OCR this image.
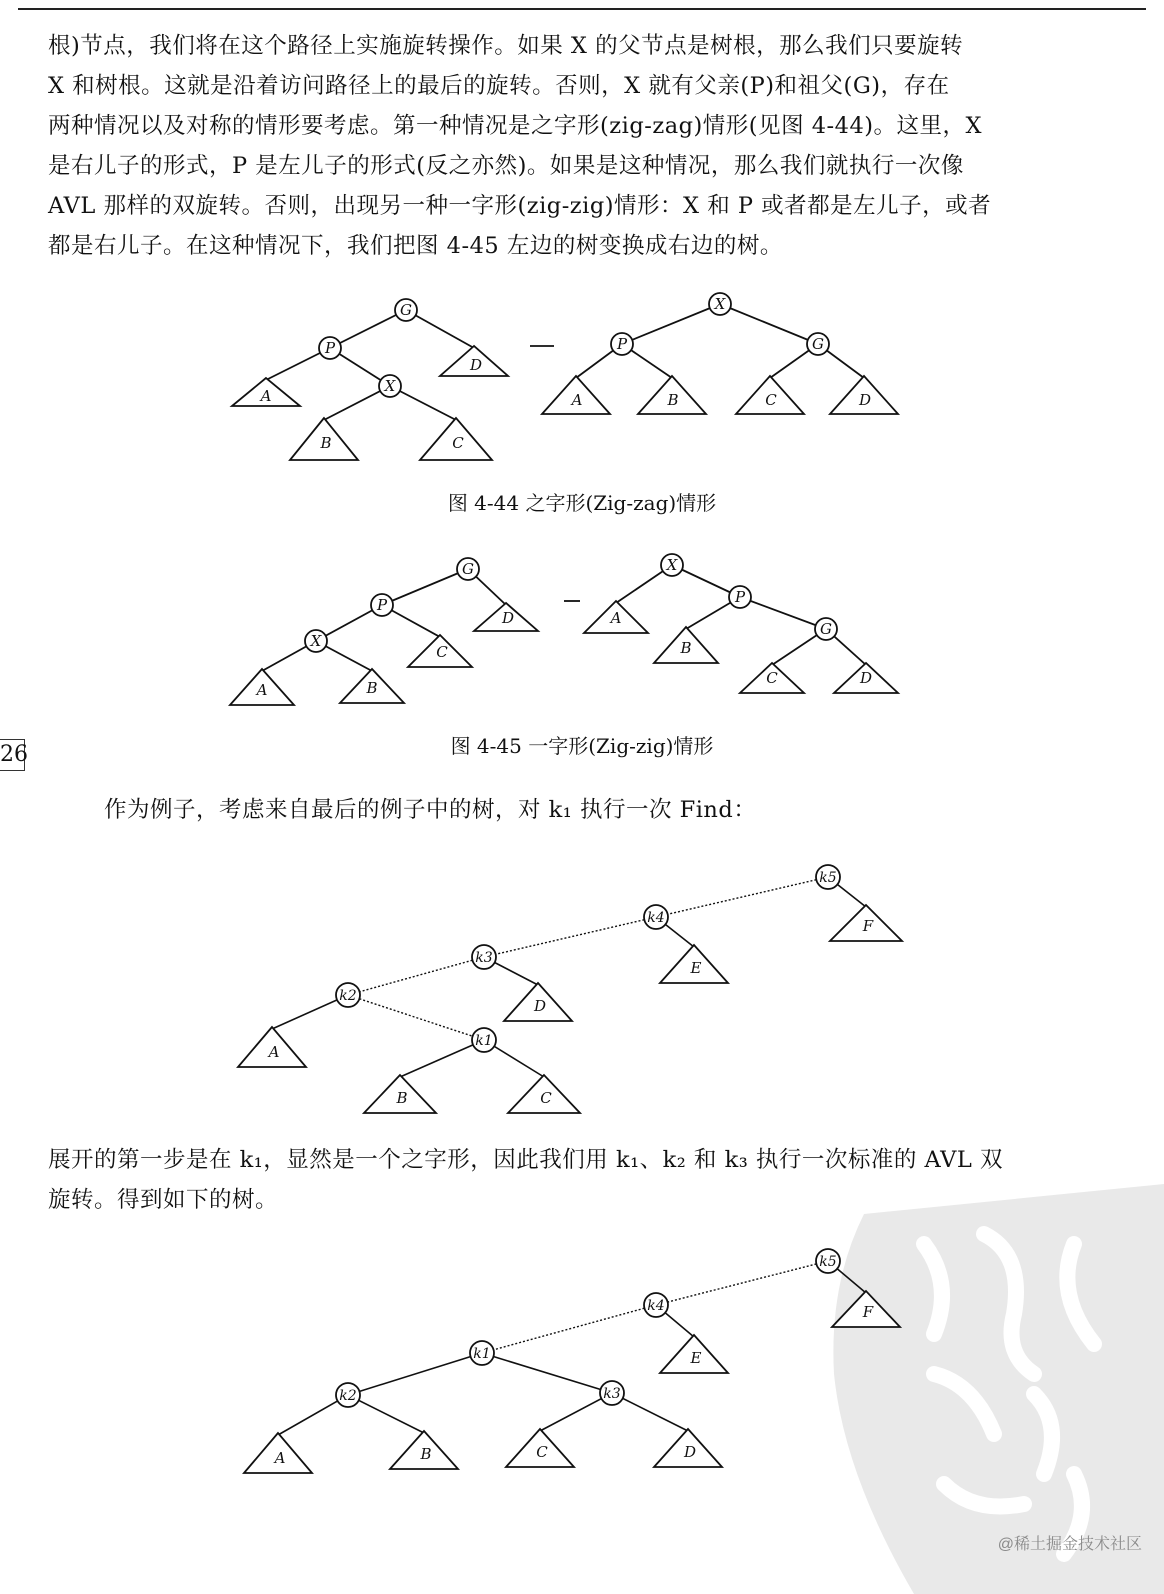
根)节点，我们将在这个路径上实施旋转操作。如果 X 的父节点是树根，那么我们只要旋转
X 和树根。这就是沿着访问路径上的最后的旋转。否则，X 就有父亲(P)和祖父(G)，存在
两种情况以及对称的情形要考虑。第一种情况是之字形(zig-zag)情形(见图 4-44)。这里，X
是右儿子的形式，P 是左儿子的形式(反之亦然)。如果是这种情况，那么我们就执行一次像
AVL 那样的双旋转。否则，出现另一种一字形(zig-zig)情形：X 和 P 或者都是左儿子，或者
都是右儿子。在这种情况下，我们把图 4-45 左边的树变换成右边的树。
G
P
X
A
B	C
D
X
P	G
A	B	C	D
图 4-44 之字形(Zig-zag)情形
G
P
X
A	B
C
D
X
P
G
A
B
C	D
图 4-45 一字形(Zig-zig)情形
26
作为例子，考虑来自最后的例子中的树，对 k₁ 执行一次 Find：
k5
k4
k3
k2
k1
F
E
D
A
B	C
展开的第一步是在 k₁，显然是一个之字形，因此我们用 k₁、k₂ 和 k₃ 执行一次标准的 AVL 双
旋转。得到如下的树。
@稀土掘金技术社区
k5
k4
k1
k2	k3
F
E
A	B	C	D
